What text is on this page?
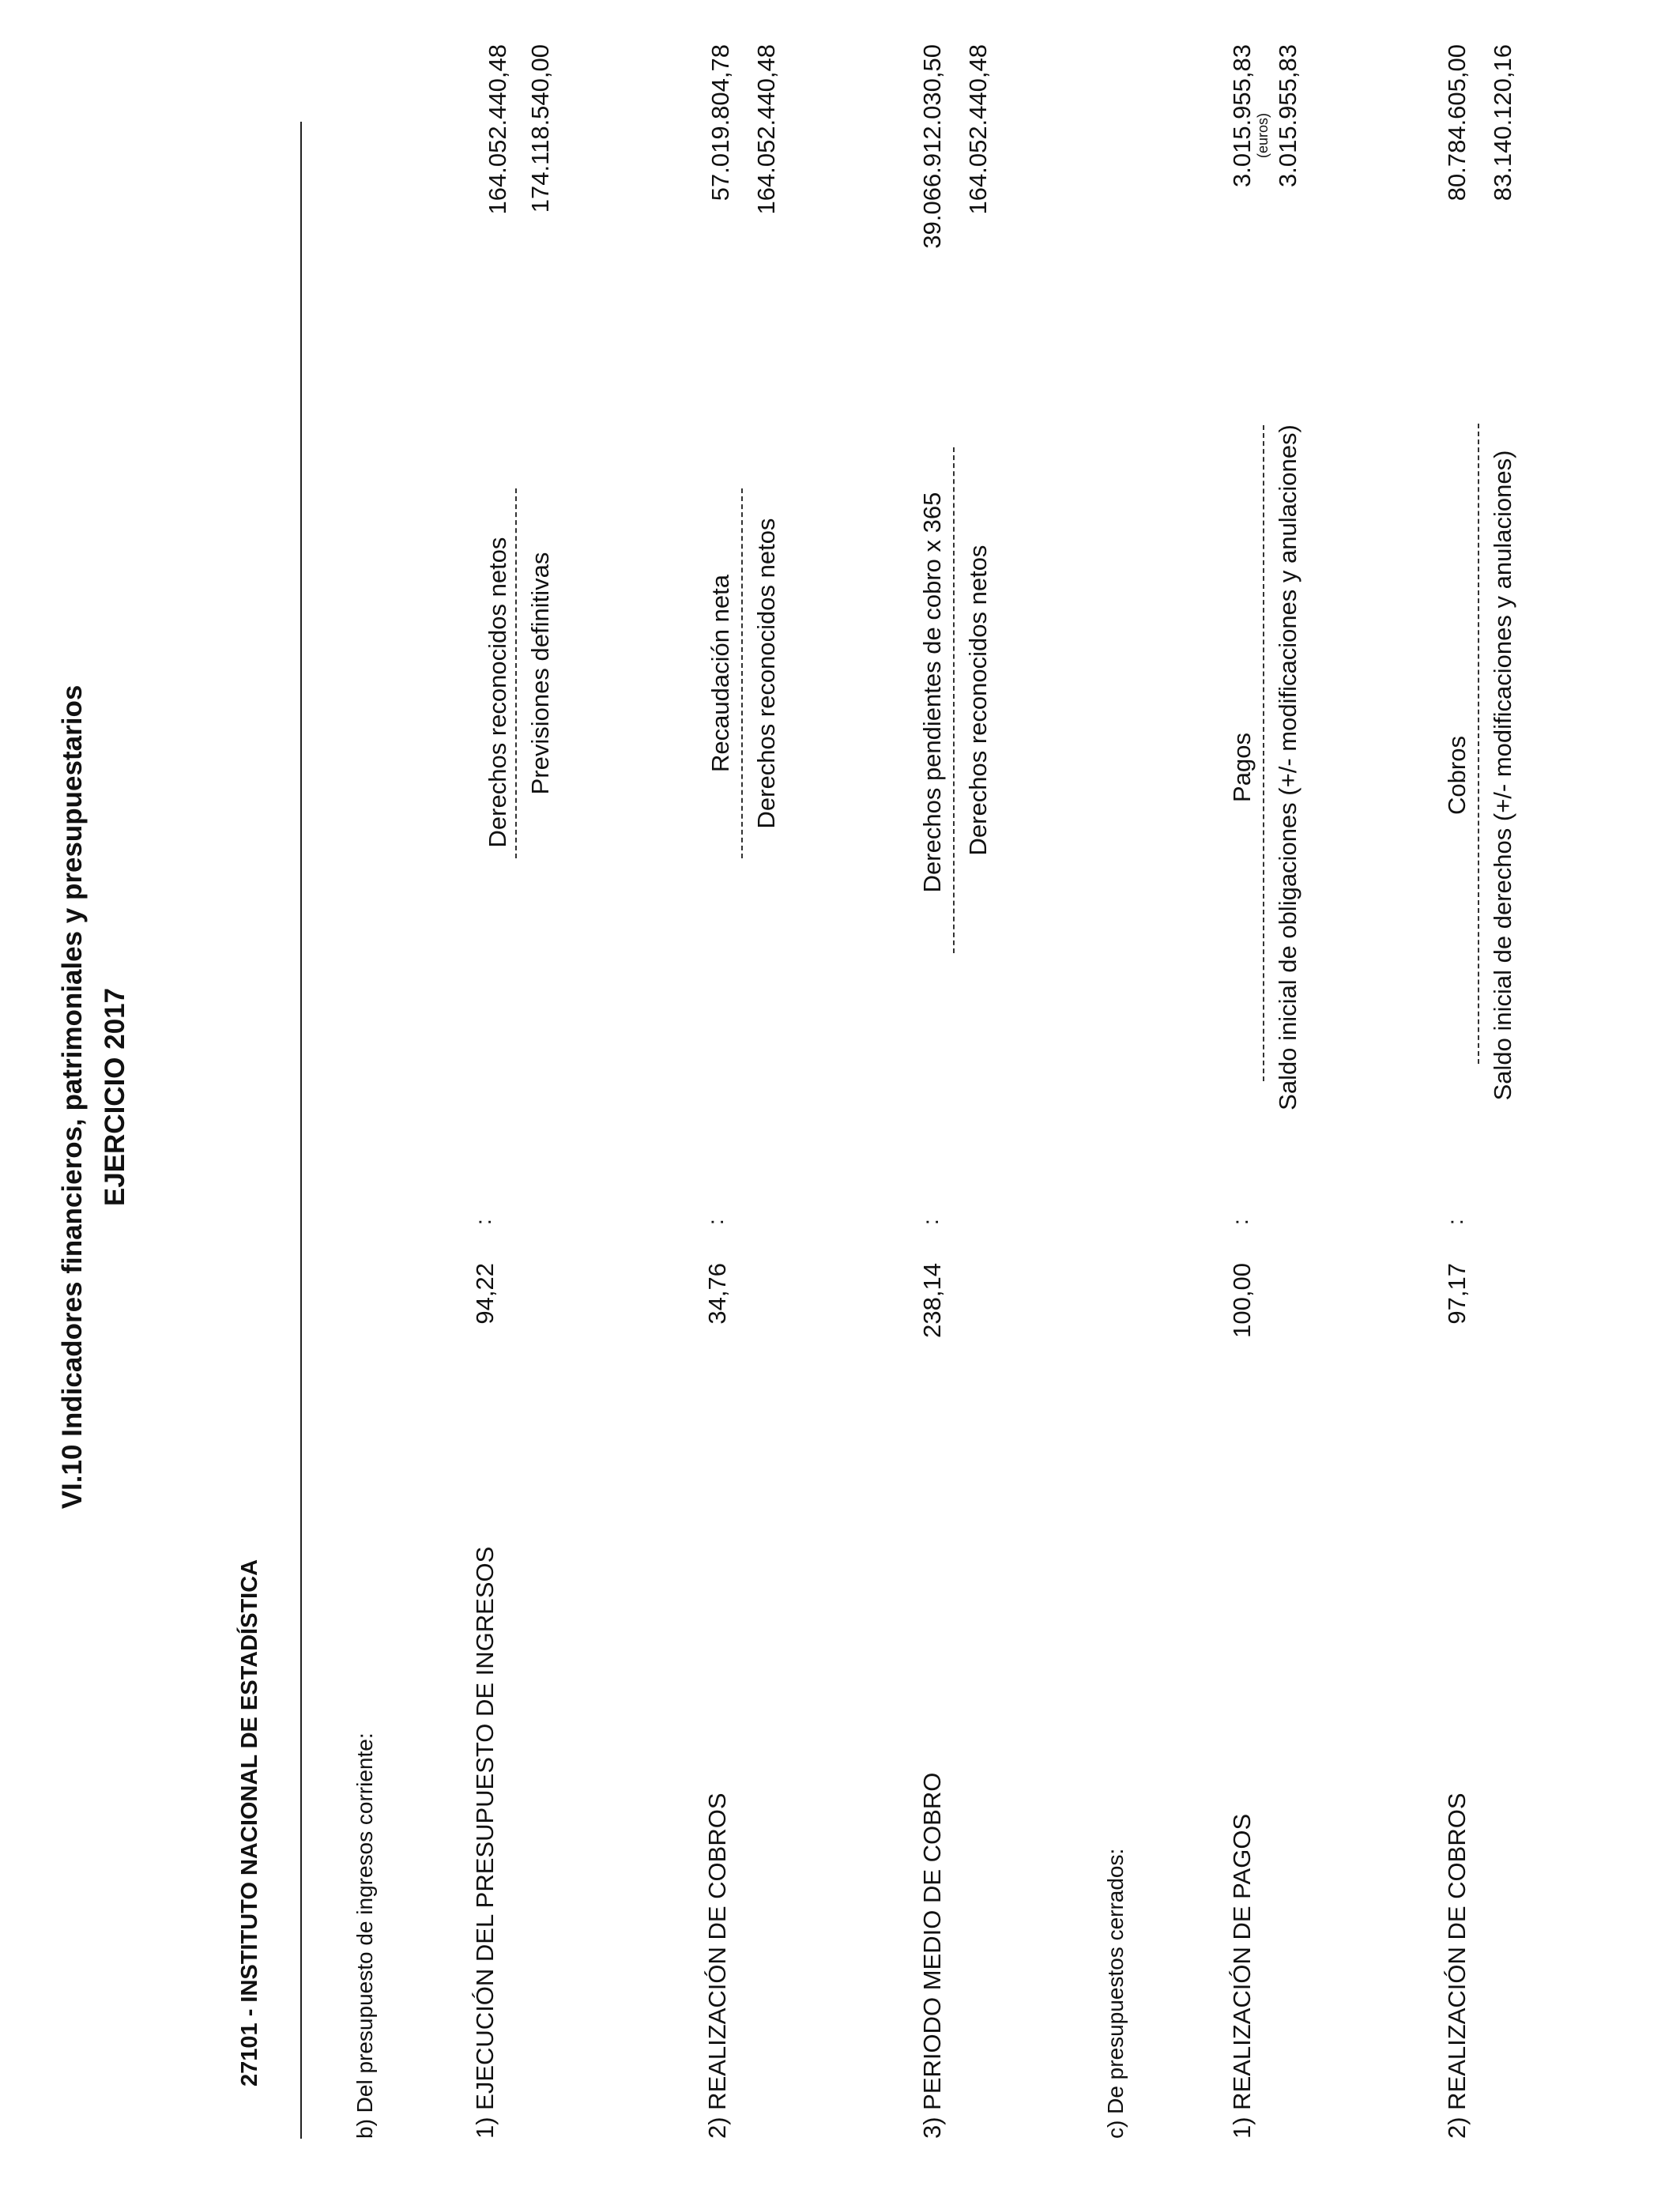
VI.10 Indicadores financieros, patrimoniales y presupuestarios EJERCICIO 2017
27101 - INSTITUTO NACIONAL DE ESTADÍSTICA
(euros)
b) Del presupuesto de ingresos corriente:	1) EJECUCIÓN DEL PRESUPUESTO DE INGRESOS
94,22
:
Derechos reconocidos netos Previsiones definitivas
164.052.440,48 174.118.540,00
2) REALIZACIÓN DE COBROS
34,76
:
Recaudación neta Derechos reconocidos netos
57.019.804,78 164.052.440,48
3) PERIODO MEDIO DE COBRO
238,14
:
Derechos pendientes de cobro x 365 Derechos reconocidos netos
39.066.912.030,50 164.052.440,48
c) De presupuestos cerrados:	1) REALIZACIÓN DE PAGOS
100,00
:
Pagos Saldo inicial de obligaciones (+/- modificaciones y anulaciones)
3.015.955,83 3.015.955,83
2) REALIZACIÓN DE COBROS
97,17
:
Cobros Saldo inicial de derechos (+/- modificaciones y anulaciones)
80.784.605,00 83.140.120,16
